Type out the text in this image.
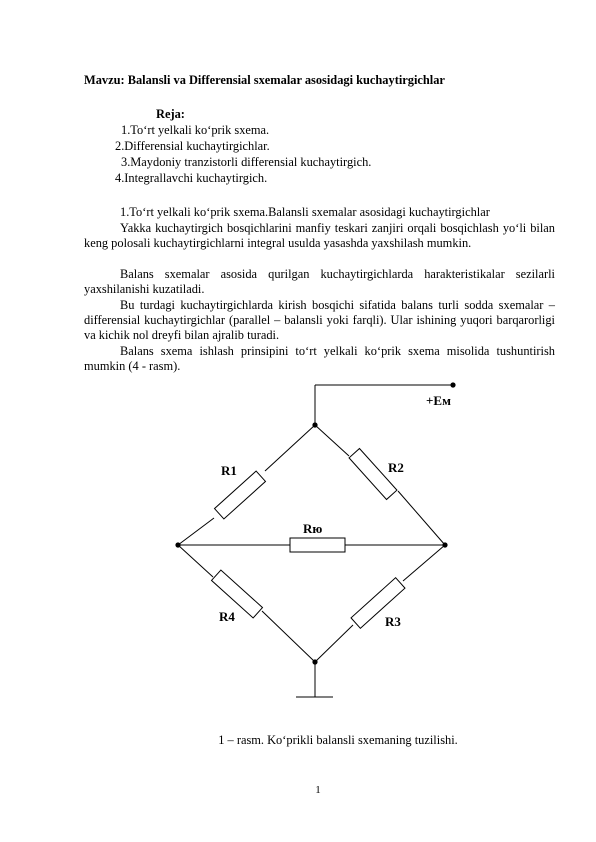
Mavzu: Balansli va Differensial sxemalar asosidagi kuchaytirgichlar
Reja:
1.To‘rt yelkali ko‘prik sxema.
2.Differensial kuchaytirgichlar.
3.Maydoniy tranzistorli differensial kuchaytirgich.
4.Integrallavchi kuchaytirgich.
1.To‘rt yelkali ko‘prik sxema.Balansli sxemalar asosidagi kuchaytirgichlar
Yakka kuchaytirgich bosqichlarini manfiy teskari zanjiri orqali bosqichlash yo‘li bilan keng polosali kuchaytirgichlarni integral usulda yasashda yaxshilash mumkin.
Balans sxemalar asosida qurilgan kuchaytirgichlarda harakteristikalar sezilarli yaxshilanishi kuzatiladi.
Bu turdagi kuchaytirgichlarda kirish bosqichi sifatida balans turli sodda sxemalar – differensial kuchaytirgichlar (parallel – balansli yoki farqli). Ular ishining yuqori barqarorligi va kichik nol dreyfi bilan ajralib turadi.
Balans sxema ishlash prinsipini to‘rt yelkali ko‘prik sxema misolida tushuntirish mumkin (4 - rasm).
+Eм
R1	R2
Rю
R4	R3
1 – rasm. Ko‘prikli balansli sxemaning tuzilishi.
1
